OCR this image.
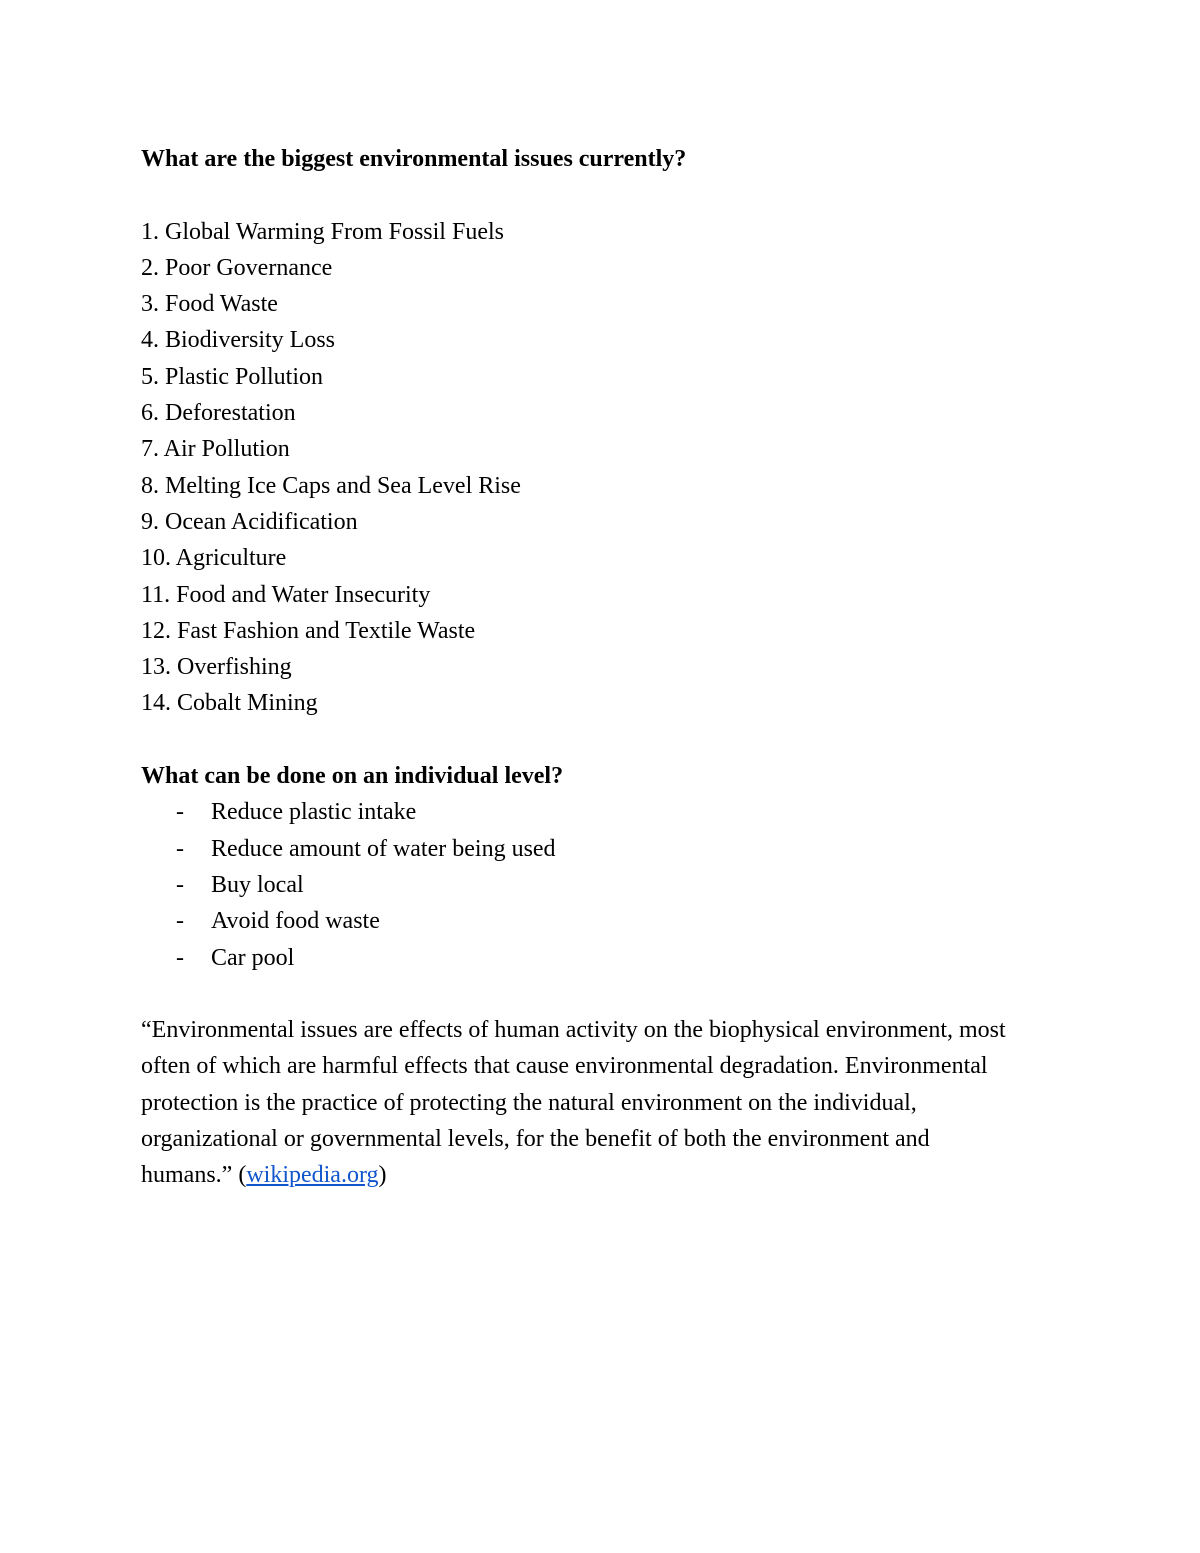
What are the biggest environmental issues currently?

1. Global Warming From Fossil Fuels
2. Poor Governance
3. Food Waste
4. Biodiversity Loss
5. Plastic Pollution
6. Deforestation
7. Air Pollution
8. Melting Ice Caps and Sea Level Rise
9. Ocean Acidification
10. Agriculture
11. Food and Water Insecurity
12. Fast Fashion and Textile Waste
13. Overfishing
14. Cobalt Mining

What can be done on an individual level?

- Reduce plastic intake
- Reduce amount of water being used
- Buy local
- Avoid food waste
- Car pool

“Environmental issues are effects of human activity on the biophysical environment, most often of which are harmful effects that cause environmental degradation. Environmental protection is the practice of protecting the natural environment on the individual, organizational or governmental levels, for the benefit of both the environment and humans.” (wikipedia.org)
